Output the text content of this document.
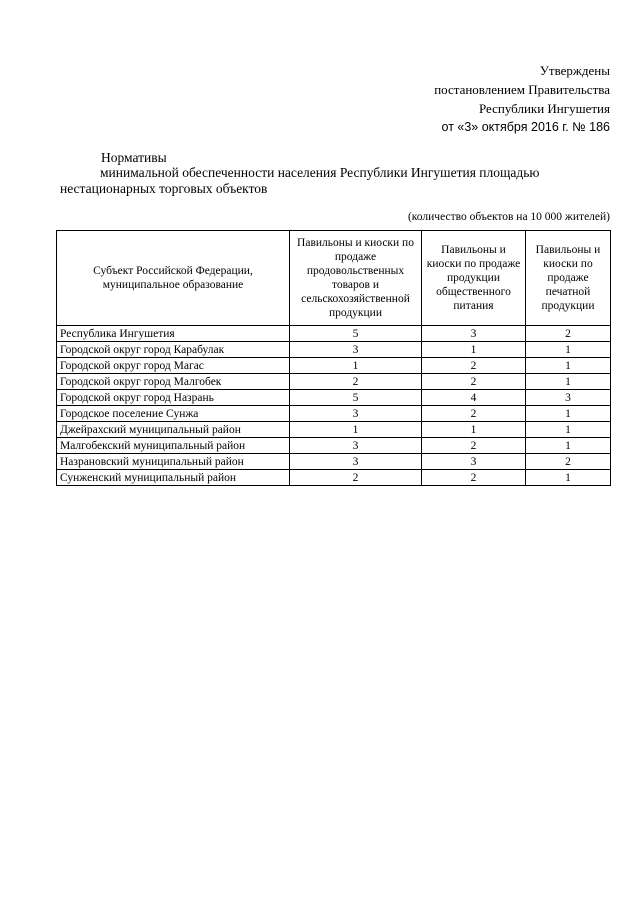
Утверждены
постановлением Правительства
Республики Ингушетия
от «3» октября 2016 г. № 186
Нормативы
минимальной обеспеченности населения Республики Ингушетия площадью
нестационарных торговых объектов
(количество объектов на 10 000 жителей)
Субъект Российской Федерации, муниципальное образование	Павильоны и киоски по продаже продовольственных товаров и сельскохозяйственной продукции	Павильоны и киоски по продаже продукции общественного питания	Павильоны и киоски по продаже печатной продукции
Республика Ингушетия	5	3	2
Городской округ город Карабулак	3	1	1
Городской округ город Магас	1	2	1
Городской округ город Малгобек	2	2	1
Городской округ город Назрань	5	4	3
Городское поселение Сунжа	3	2	1
Джейрахский муниципальный район	1	1	1
Малгобекский муниципальный район	3	2	1
Назрановский муниципальный район	3	3	2
Сунженский муниципальный район	2	2	1
